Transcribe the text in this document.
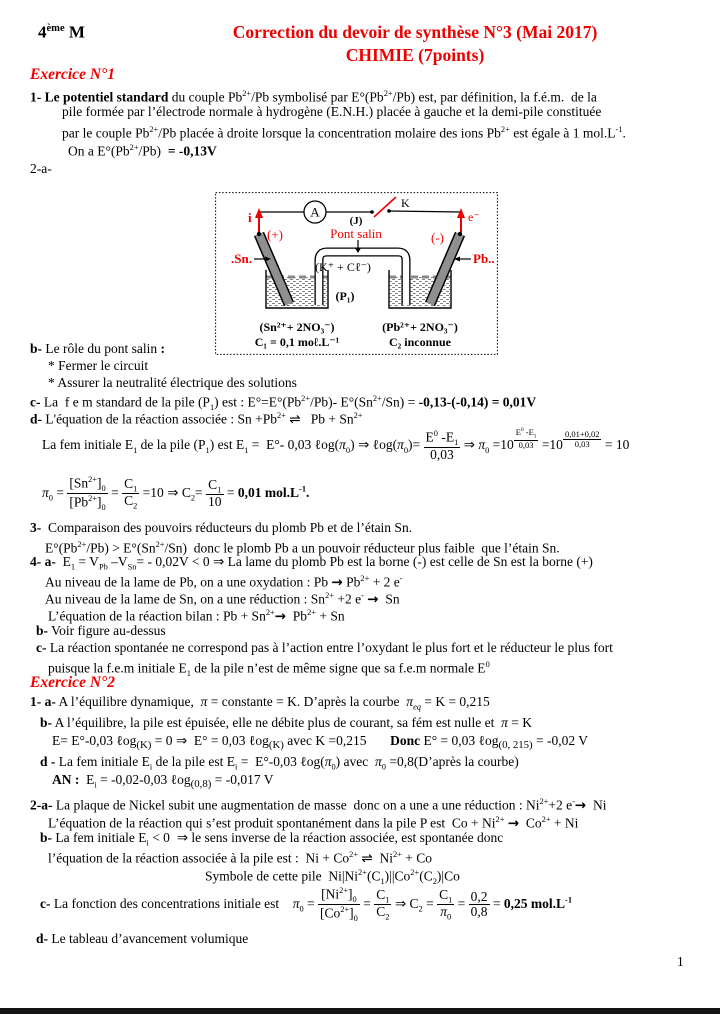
4ème M	Correction du devoir de synthèse N°3 (Mai 2017)
CHIMIE (7points)
Exercice N°1
1- Le potentiel standard du couple $Pb^{2+}/Pb$ symbolisé par $E^\circ(Pb^{2+}/Pb)$ est, par définition, la f.é.m.  de la
pile formée par l’électrode normale à hydrogène (E.N.H.) placée à gauche et la demi-pile constituée
par le couple $Pb^{2+}/Pb$ placée à droite lorsque la concentration molaire des ions $Pb^{2+}$ est égale à 1 $mol.L^{-1}$.
On a $E^\circ(Pb^{2+}/Pb) = -0,13V$
2-a-
A
K
i	e⁻
(+)	(-)
.Sn.	Pb..
(J)
Pont salin
(K⁺ + Cℓ⁻)
(P₁)
(Sn²⁺+ 2NO₃⁻)
C₁ = 0,1 moℓ.L⁻¹
(Pb²⁺+ 2NO₃⁻)
C₂ inconnue
b- Le rôle du pont salin :
* Fermer le circuit
* Assurer la neutralité électrique des solutions
c- La  f e m standard de la pile $(P_1)$ est : $E^\circ=E^\circ(Pb^{2+}/Pb)-$ $E^\circ(Sn^{2+}/Sn) = -0,13-(-0,14) = 0,01V$
d- L'équation de la réaction associée : $Sn +Pb^{2+}$ ⇌   $Pb + Sn^{2+}$
La fem initiale $E_1$ de la pile $(P_1)$ est $E_1 = E^\circ-$ 0,03 $\ell og(\pi_0)$ ⇒ $\ell og(\pi_0)= \frac{E^0 -E_1}{0,03}$ ⇒ $\pi_0 =10$ $^{\frac{E^0 -E_1}{0,03}}$ =10 $^{\frac{0,01+0,02}{0,03}}$ = 10
$\pi_0 = \frac{[Sn^{2+}]_0}{[Pb^{2+}]_0} = \frac{C_1}{C_2} =10$ ⇒ $C_2= \frac{C_1}{10} = 0,01$ $mol.L^{-1}$.
3-  Comparaison des pouvoirs réducteurs du plomb Pb et de l’étain Sn.
$E^\circ(Pb^{2+}/Pb) > E^\circ(Sn^{2+}/Sn)$  donc le plomb Pb a un pouvoir réducteur plus faible  que l’étain Sn.
4- a-  $E_1 = V_{Pb}$ $-V_{Sn}= - 0,02V < 0$ ⇒ La lame du plomb Pb est la borne (-) est celle de Sn est la borne (+)
Au niveau de la lame de Pb, on a une oxydation : $Pb \to Pb^{2+} + 2$ e-
Au niveau de la lame de Sn, on a une réduction : $Sn^{2+} +2$ e- →  Sn
L’équation de la réaction bilan : $Pb + Sn^{2+}\to Pb^{2+} + Sn$
b- Voir figure au-dessus
c- La réaction spontanée ne correspond pas à l’action entre l’oxydant le plus fort et le réducteur le plus fort
puisque la f.e.m initiale $E_1$ de la pile n’est de même signe que sa f.e.m normale $E^0$
Exercice N°2
1- a- A l’équilibre dynamique,  π = constante = K. D’après la courbe  $\pi_{eq} = K = 0,215$
b- A l’équilibre, la pile est épuisée, elle ne débite plus de courant, sa fém est nulle et  π = K
E= E°-0,03 ℓog$_{(K)}$ = 0 ⇒  E° = 0,03 ℓog$_{(K)}$ avec K =0,215       Donc E° = 0,03 ℓog$_{(0, 215)}$ = -0,02 V
d - La fem initiale $E_i$ de la pile est $E_i = E^\circ-0,03$ $\ell og(\pi_0)$ avec  $\pi_0$ =0,8(D’après la courbe)
AN :  $E_i = -0,02-0,03$ ℓog$_{(0,8)}$ = -0,017 V
2-a- La plaque de Nickel subit une augmentation de masse  donc on a une a une réduction : $Ni^{2+}+2$ e-→  Ni
L’équation de la réaction qui s’est produit spontanément dans la pile P est  $Co + Ni^{2+} \to Co^{2+} + Ni$
b- La fem initiale $E_i < 0$  ⇒ le sens inverse de la réaction associée, est spontanée donc
l’équation de la réaction associée à la pile est :  $Ni + Co^{2+}$ ⇌  $Ni^{2+} + Co$
Symbole de cette pile  $Ni|Ni^{2+}(C_1)||Co^{2+}(C_2)|Co$
c- La fonction des concentrations initiale est    $\pi_0 = \frac{[Ni^{2+}]_0}{[Co^{2+}]_0} = \frac{C_1}{C_2}$ ⇒ $C_2 = \frac{C_1}{\pi_0} = \frac{0,2}{0,8} = 0,25$ $mol.L^{-1}$
d- Le tableau d’avancement volumique
1
